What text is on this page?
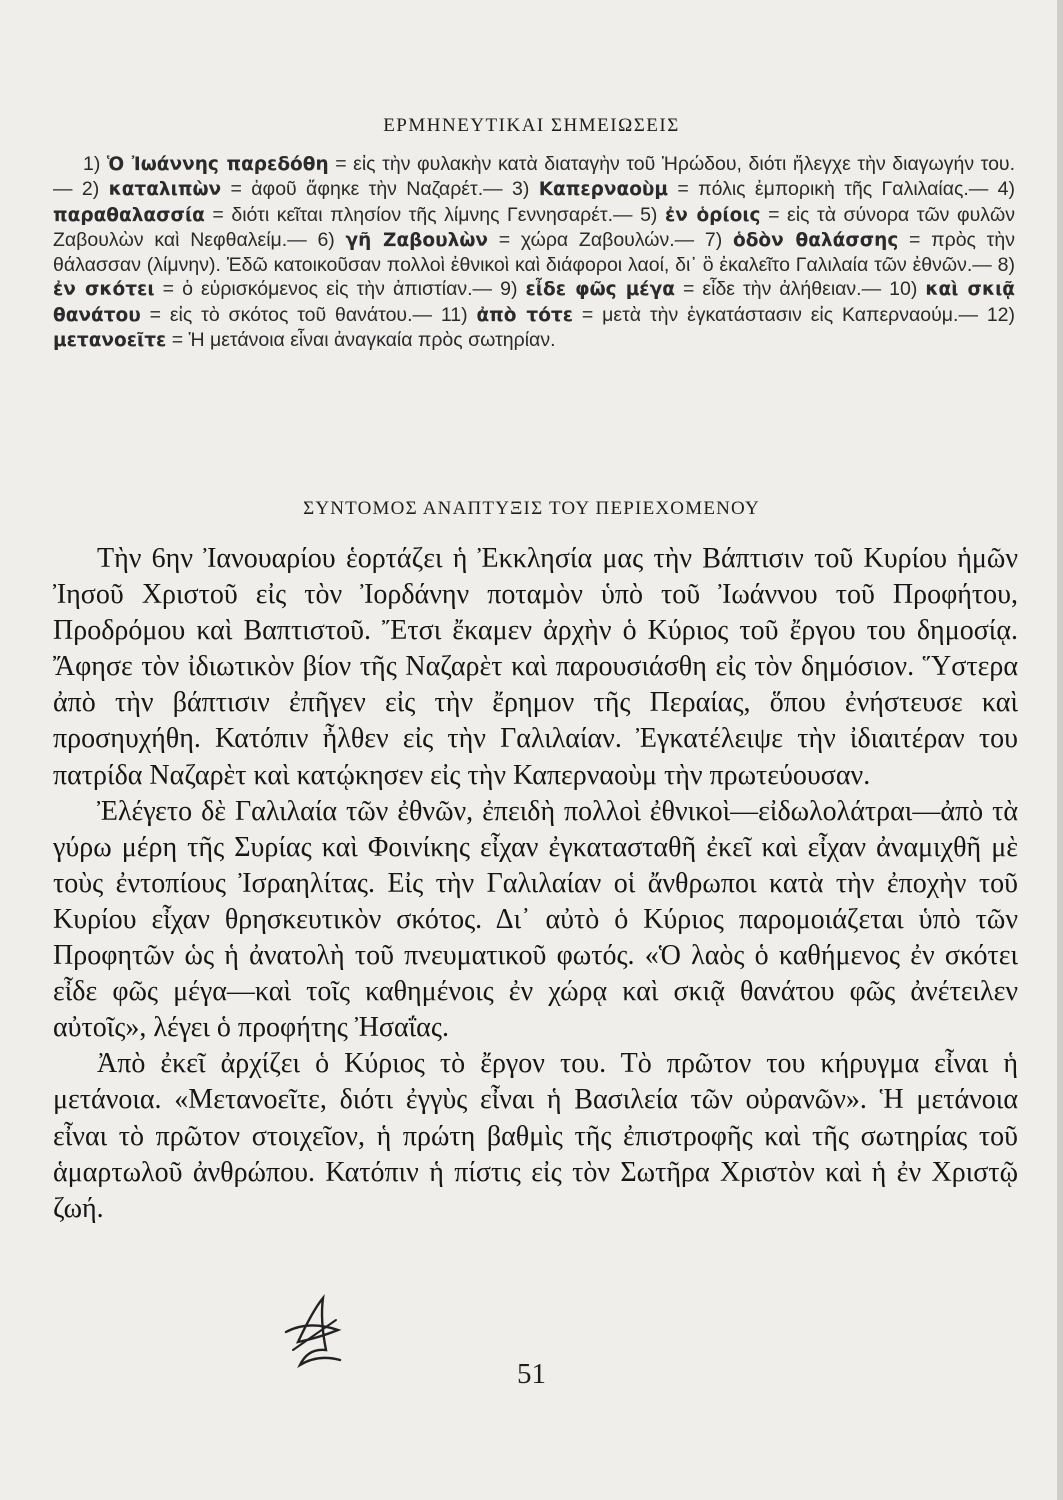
ΕΡΜΗΝΕΥΤΙΚΑΙ ΣΗΜΕΙΩΣΕΙΣ

1) Ὁ Ἰωάννης παρεδόθη = εἰς τὴν φυλακὴν κατὰ διαταγὴν τοῦ Ἡρώδου, διότι ἤλεγχε τὴν διαγωγήν του.— 2) καταλιπὼν = ἀφοῦ ἄφηκε τὴν Ναζαρέτ.— 3) Καπερναοὺμ = πόλις ἐμπορικὴ τῆς Γαλιλαίας.— 4) παραθαλασσία = διότι κεῖται πλησίον τῆς λίμνης Γεννησαρέτ.— 5) ἐν ὁρίοις = εἰς τὰ σύνορα τῶν φυλῶν Ζαβουλὼν καὶ Νεφθαλείμ.— 6) γῆ Ζαβουλὼν = χώρα Ζαβουλών.— 7) ὁδὸν θαλάσσης = πρὸς τὴν θάλασσαν (λίμνην). Ἐδῶ κατοικοῦσαν πολλοὶ ἐθνικοὶ καὶ διάφοροι λαοί, δι᾽ ὃ ἐκαλεῖτο Γαλιλαία τῶν ἐθνῶν.— 8) ἐν σκότει = ὁ εὑρισκόμενος εἰς τὴν ἀπιστίαν.— 9) εἶδε φῶς μέγα = εἶδε τὴν ἀλήθειαν.— 10) καὶ σκιᾷ θανάτου = εἰς τὸ σκότος τοῦ θανάτου.— 11) ἀπὸ τότε = μετὰ τὴν ἐγκατάστασιν εἰς Καπερναούμ.— 12) μετανοεῖτε = Ἡ μετάνοια εἶναι ἀναγκαία πρὸς σωτηρίαν.

ΣΥΝΤΟΜΟΣ ΑΝΑΠΤΥΞΙΣ ΤΟΥ ΠΕΡΙΕΧΟΜΕΝΟΥ

Τὴν 6ην Ἰανουαρίου ἑορτάζει ἡ Ἐκκλησία μας τὴν Βάπτισιν τοῦ Κυρίου ἡμῶν Ἰησοῦ Χριστοῦ εἰς τὸν Ἰορδάνην ποταμὸν ὑπὸ τοῦ Ἰωάννου τοῦ Προφήτου, Προδρόμου καὶ Βαπτιστοῦ. Ἔτσι ἔκαμεν ἀρχὴν ὁ Κύριος τοῦ ἔργου του δημοσίᾳ. Ἄφησε τὸν ἰδιωτικὸν βίον τῆς Ναζαρὲτ καὶ παρουσιάσθη εἰς τὸν δημόσιον. Ὕστερα ἀπὸ τὴν βάπτισιν ἐπῆγεν εἰς τὴν ἔρημον τῆς Περαίας, ὅπου ἐνήστευσε καὶ προσηυχήθη. Κατόπιν ἦλθεν εἰς τὴν Γαλιλαίαν. Ἐγκατέλειψε τὴν ἰδιαιτέραν του πατρίδα Ναζαρὲτ καὶ κατῴκησεν εἰς τὴν Καπερναοὺμ τὴν πρωτεύουσαν.

Ἐλέγετο δὲ Γαλιλαία τῶν ἐθνῶν, ἐπειδὴ πολλοὶ ἐθνικοὶ—εἰδωλολάτραι—ἀπὸ τὰ γύρω μέρη τῆς Συρίας καὶ Φοινίκης εἶχαν ἐγκατασταθῆ ἐκεῖ καὶ εἶχαν ἀναμιχθῆ μὲ τοὺς ἐντοπίους Ἰσραηλίτας. Εἰς τὴν Γαλιλαίαν οἱ ἄνθρωποι κατὰ τὴν ἐποχὴν τοῦ Κυρίου εἶχαν θρησκευτικὸν σκότος. Δι᾽ αὐτὸ ὁ Κύριος παρομοιάζεται ὑπὸ τῶν Προφητῶν ὡς ἡ ἀνατολὴ τοῦ πνευματικοῦ φωτός. «Ὁ λαὸς ὁ καθήμενος ἐν σκότει εἶδε φῶς μέγα—καὶ τοῖς καθημένοις ἐν χώρᾳ καὶ σκιᾷ θανάτου φῶς ἀνέτειλεν αὐτοῖς», λέγει ὁ προφήτης Ἠσαΐας.

Ἀπὸ ἐκεῖ ἀρχίζει ὁ Κύριος τὸ ἔργον του. Τὸ πρῶτον του κήρυγμα εἶναι ἡ μετάνοια. «Μετανοεῖτε, διότι ἐγγὺς εἶναι ἡ Βασιλεία τῶν οὐρανῶν». Ἡ μετάνοια εἶναι τὸ πρῶτον στοιχεῖον, ἡ πρώτη βαθμὶς τῆς ἐπιστροφῆς καὶ τῆς σωτηρίας τοῦ ἁμαρτωλοῦ ἀνθρώπου. Κατόπιν ἡ πίστις εἰς τὸν Σωτῆρα Χριστὸν καὶ ἡ ἐν Χριστῷ ζωή.

51
